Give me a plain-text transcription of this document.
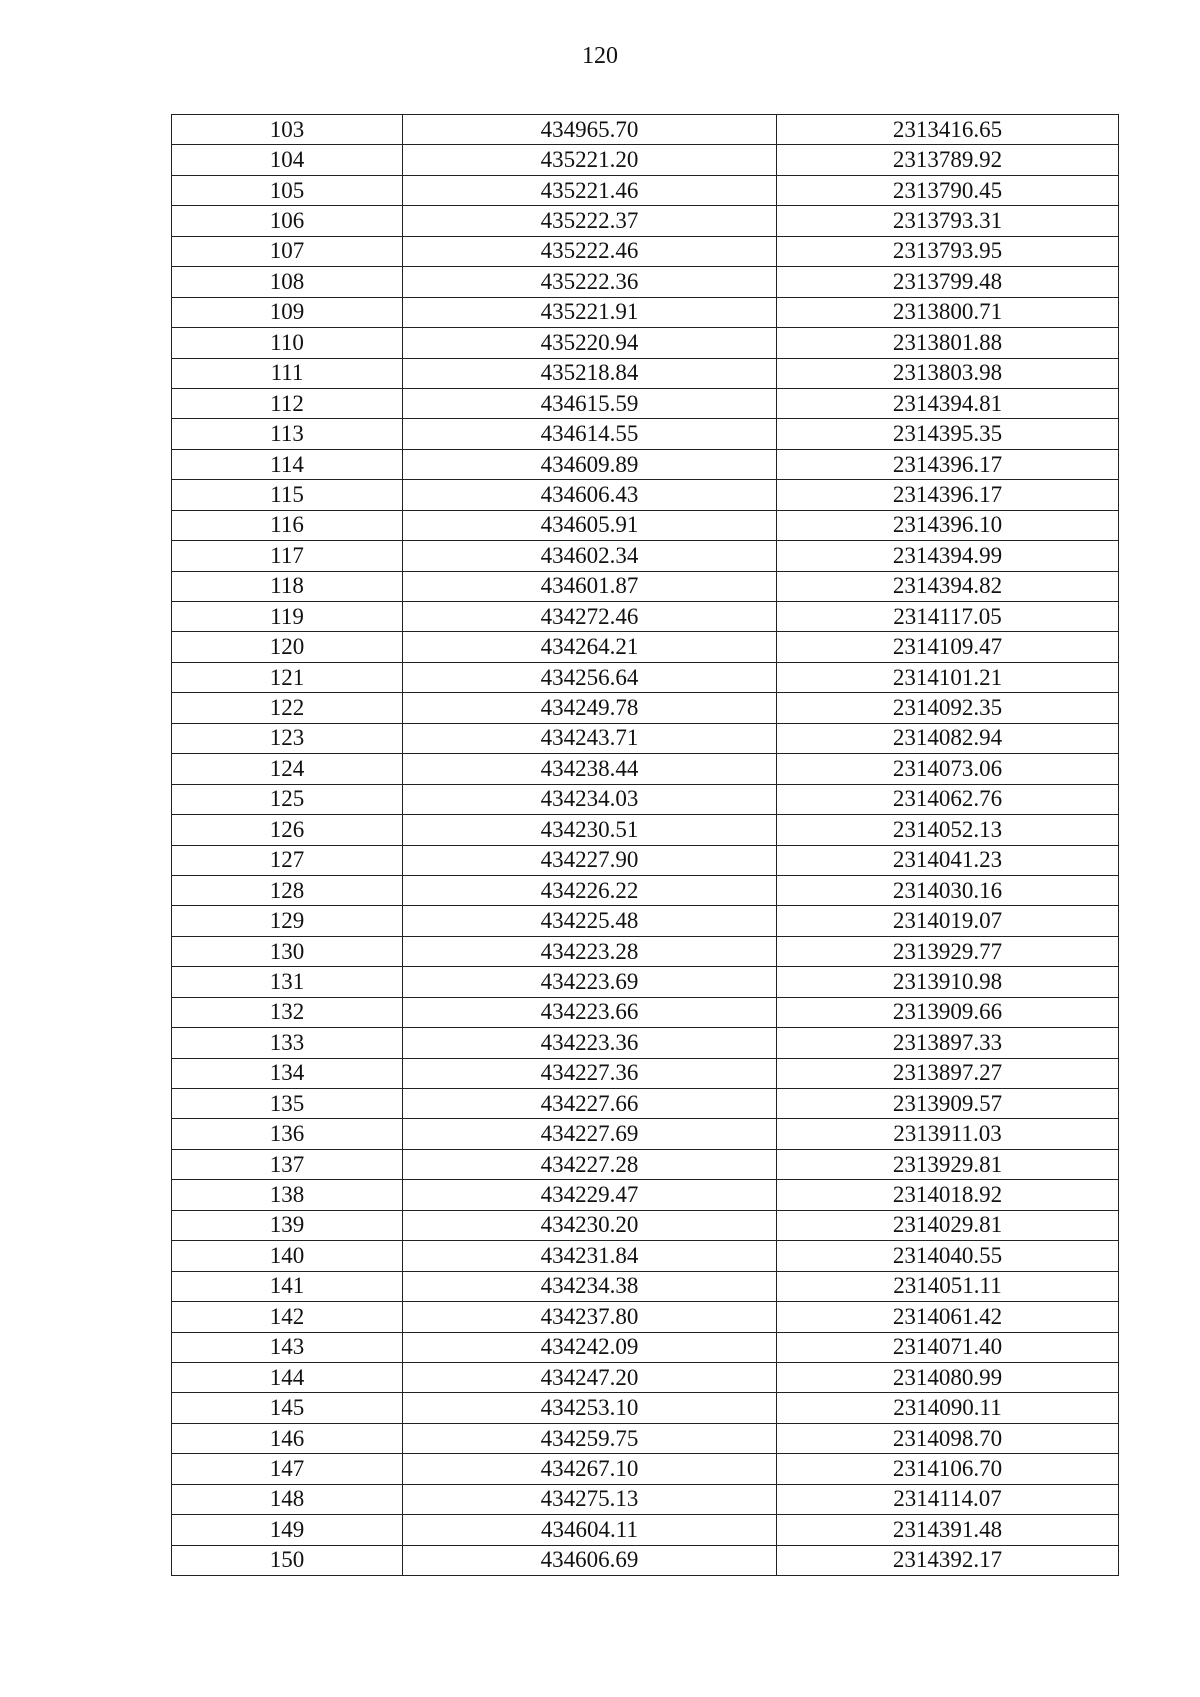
120
103	434965.70	2313416.65
104	435221.20	2313789.92
105	435221.46	2313790.45
106	435222.37	2313793.31
107	435222.46	2313793.95
108	435222.36	2313799.48
109	435221.91	2313800.71
110	435220.94	2313801.88
111	435218.84	2313803.98
112	434615.59	2314394.81
113	434614.55	2314395.35
114	434609.89	2314396.17
115	434606.43	2314396.17
116	434605.91	2314396.10
117	434602.34	2314394.99
118	434601.87	2314394.82
119	434272.46	2314117.05
120	434264.21	2314109.47
121	434256.64	2314101.21
122	434249.78	2314092.35
123	434243.71	2314082.94
124	434238.44	2314073.06
125	434234.03	2314062.76
126	434230.51	2314052.13
127	434227.90	2314041.23
128	434226.22	2314030.16
129	434225.48	2314019.07
130	434223.28	2313929.77
131	434223.69	2313910.98
132	434223.66	2313909.66
133	434223.36	2313897.33
134	434227.36	2313897.27
135	434227.66	2313909.57
136	434227.69	2313911.03
137	434227.28	2313929.81
138	434229.47	2314018.92
139	434230.20	2314029.81
140	434231.84	2314040.55
141	434234.38	2314051.11
142	434237.80	2314061.42
143	434242.09	2314071.40
144	434247.20	2314080.99
145	434253.10	2314090.11
146	434259.75	2314098.70
147	434267.10	2314106.70
148	434275.13	2314114.07
149	434604.11	2314391.48
150	434606.69	2314392.17
